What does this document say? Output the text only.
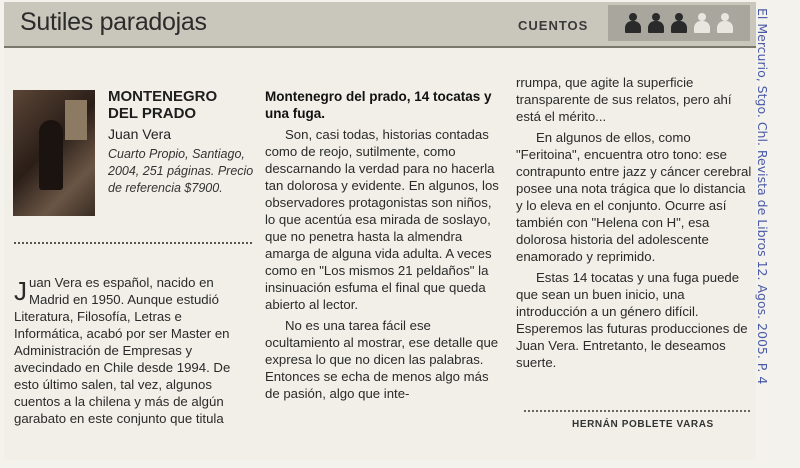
Sutiles paradojas	CUENTOS
MONTENEGRO
DEL PRADO
Juan Vera
Cuarto Propio, Santiago, 2004, 251 páginas. Precio de referencia $7900.
J uan Vera es español, nacido en Madrid en 1950. Aunque estudió Literatura, Filosofía, Letras e Informática, acabó por ser Master en Administración de Empresas y avecindado en Chile desde 1994. De esto último salen, tal vez, algunos cuentos a la chilena y más de algún garabato en este conjunto que titula

Montenegro del prado, 14 tocatas y una fuga.

Son, casi todas, historias contadas como de reojo, sutilmente, como descarnando la verdad para no hacerla tan dolorosa y evidente. En algunos, los observadores protagonistas son niños, lo que acentúa esa mirada de soslayo, que no penetra hasta la almendra amarga de alguna vida adulta. A veces como en "Los mismos 21 peldaños" la insinuación esfuma el final que queda abierto al lector.

No es una tarea fácil ese ocultamiento al mostrar, ese detalle que expresa lo que no dicen las palabras. Entonces se echa de menos algo más de pasión, algo que inte-

rrumpa, que agite la superficie transparente de sus relatos, pero ahí está el mérito...

En algunos de ellos, como "Feritoina", encuentra otro tono: ese contrapunto entre jazz y cáncer cerebral posee una nota trágica que lo distancia y lo eleva en el conjunto. Ocurre así también con "Helena con H", esa dolorosa historia del adolescente enamorado y reprimido.

Estas 14 tocatas y una fuga puede que sean un buen inicio, una introducción a un género difícil. Esperemos las futuras producciones de Juan Vera. Entretanto, le deseamos suerte.

HERNÁN POBLETE VARAS
El Mercurio, Stgo. Chl. Revista de Libros 12. Agos. 2005. P. 4
